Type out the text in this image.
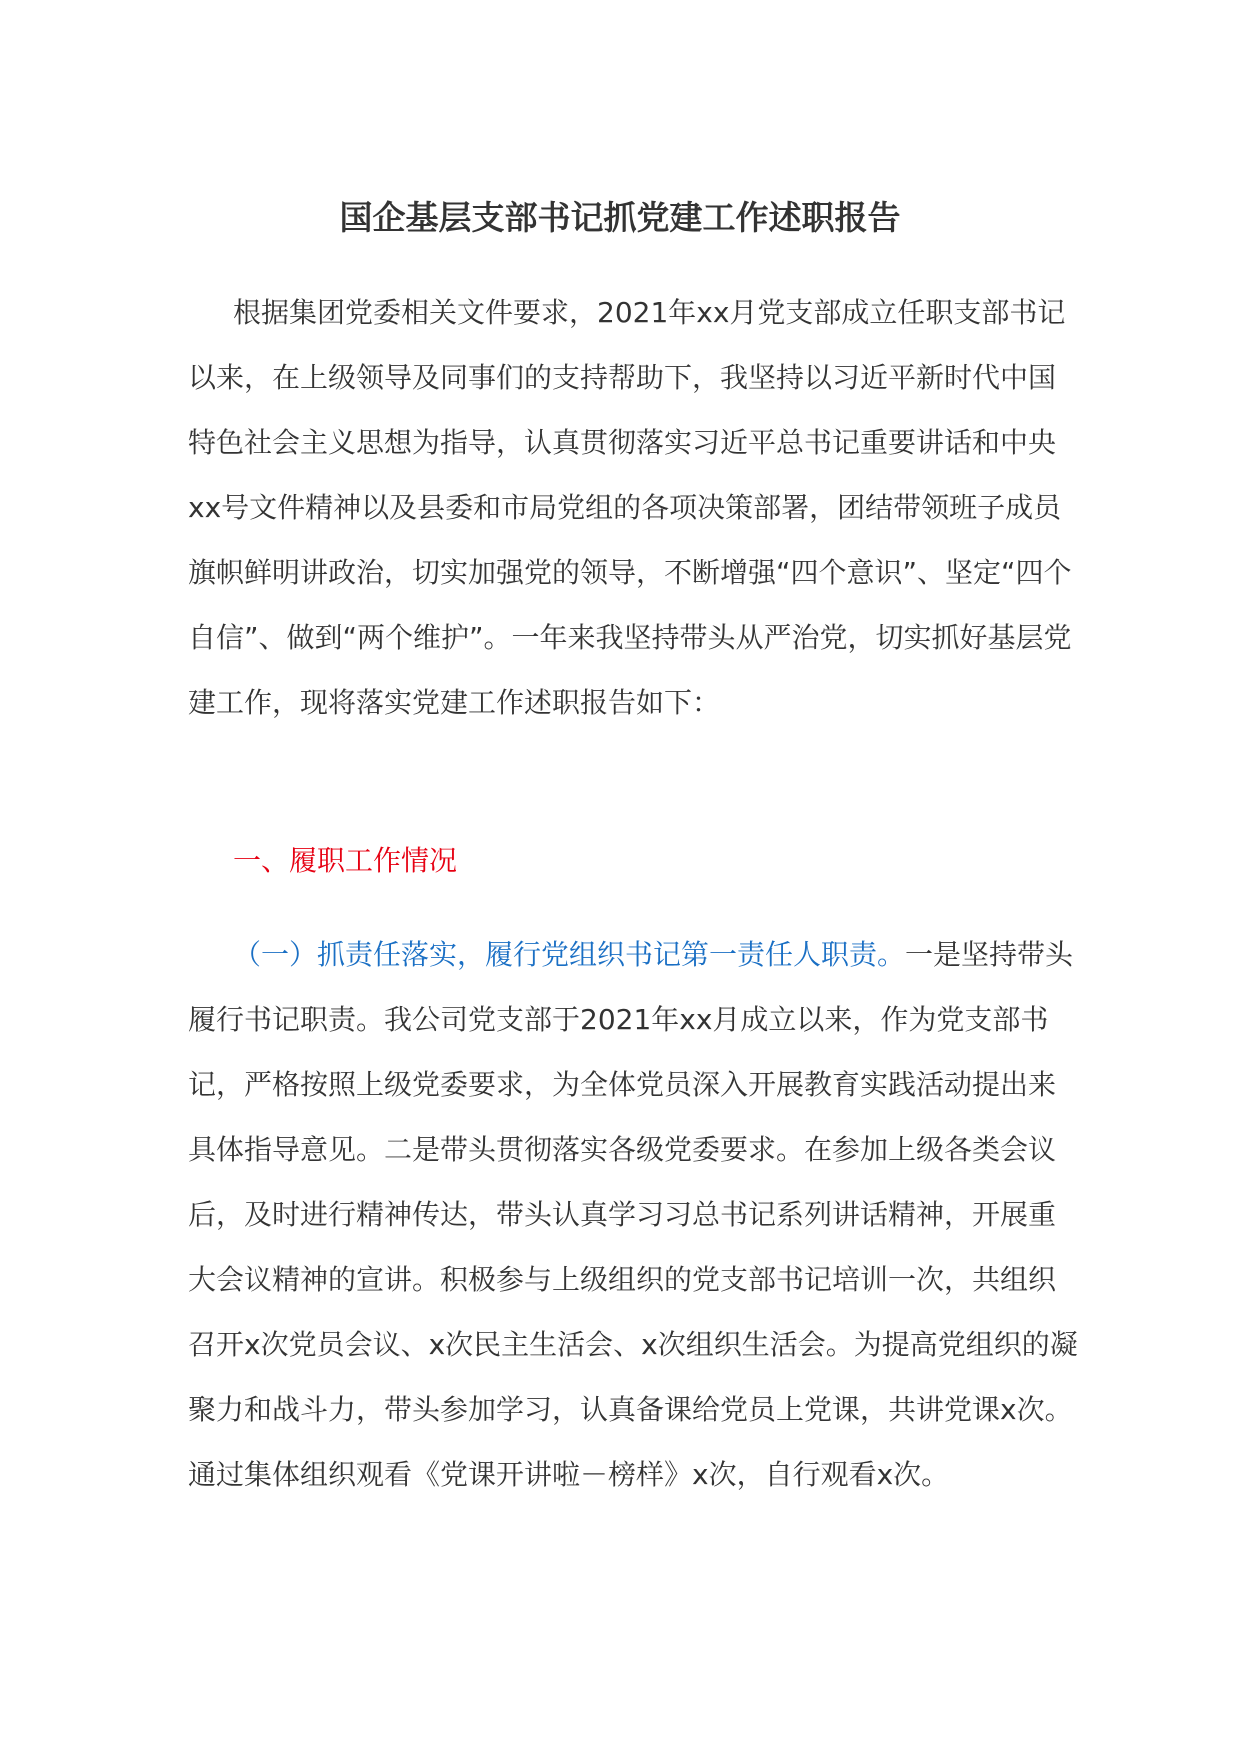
国企基层支部书记抓党建工作述职报告

根据集团党委相关文件要求，2021年xx月党支部成立任职支部书记以来，在上级领导及同事们的支持帮助下，我坚持以习近平新时代中国特色社会主义思想为指导，认真贯彻落实习近平总书记重要讲话和中央xx号文件精神以及县委和市局党组的各项决策部署，团结带领班子成员旗帜鲜明讲政治，切实加强党的领导，不断增强“四个意识”、坚定“四个自信”、做到“两个维护”。一年来我坚持带头从严治党，切实抓好基层党建工作，现将落实党建工作述职报告如下：

一、履职工作情况

（一）抓责任落实，履行党组织书记第一责任人职责。一是坚持带头履行书记职责。我公司党支部于2021年xx月成立以来，作为党支部书记，严格按照上级党委要求，为全体党员深入开展教育实践活动提出来具体指导意见。二是带头贯彻落实各级党委要求。在参加上级各类会议后，及时进行精神传达，带头认真学习习总书记系列讲话精神，开展重大会议精神的宣讲。积极参与上级组织的党支部书记培训一次，共组织召开x次党员会议、x次民主生活会、x次组织生活会。为提高党组织的凝聚力和战斗力，带头参加学习，认真备课给党员上党课，共讲党课x次。通过集体组织观看《党课开讲啦－榜样》x次，自行观看x次。
